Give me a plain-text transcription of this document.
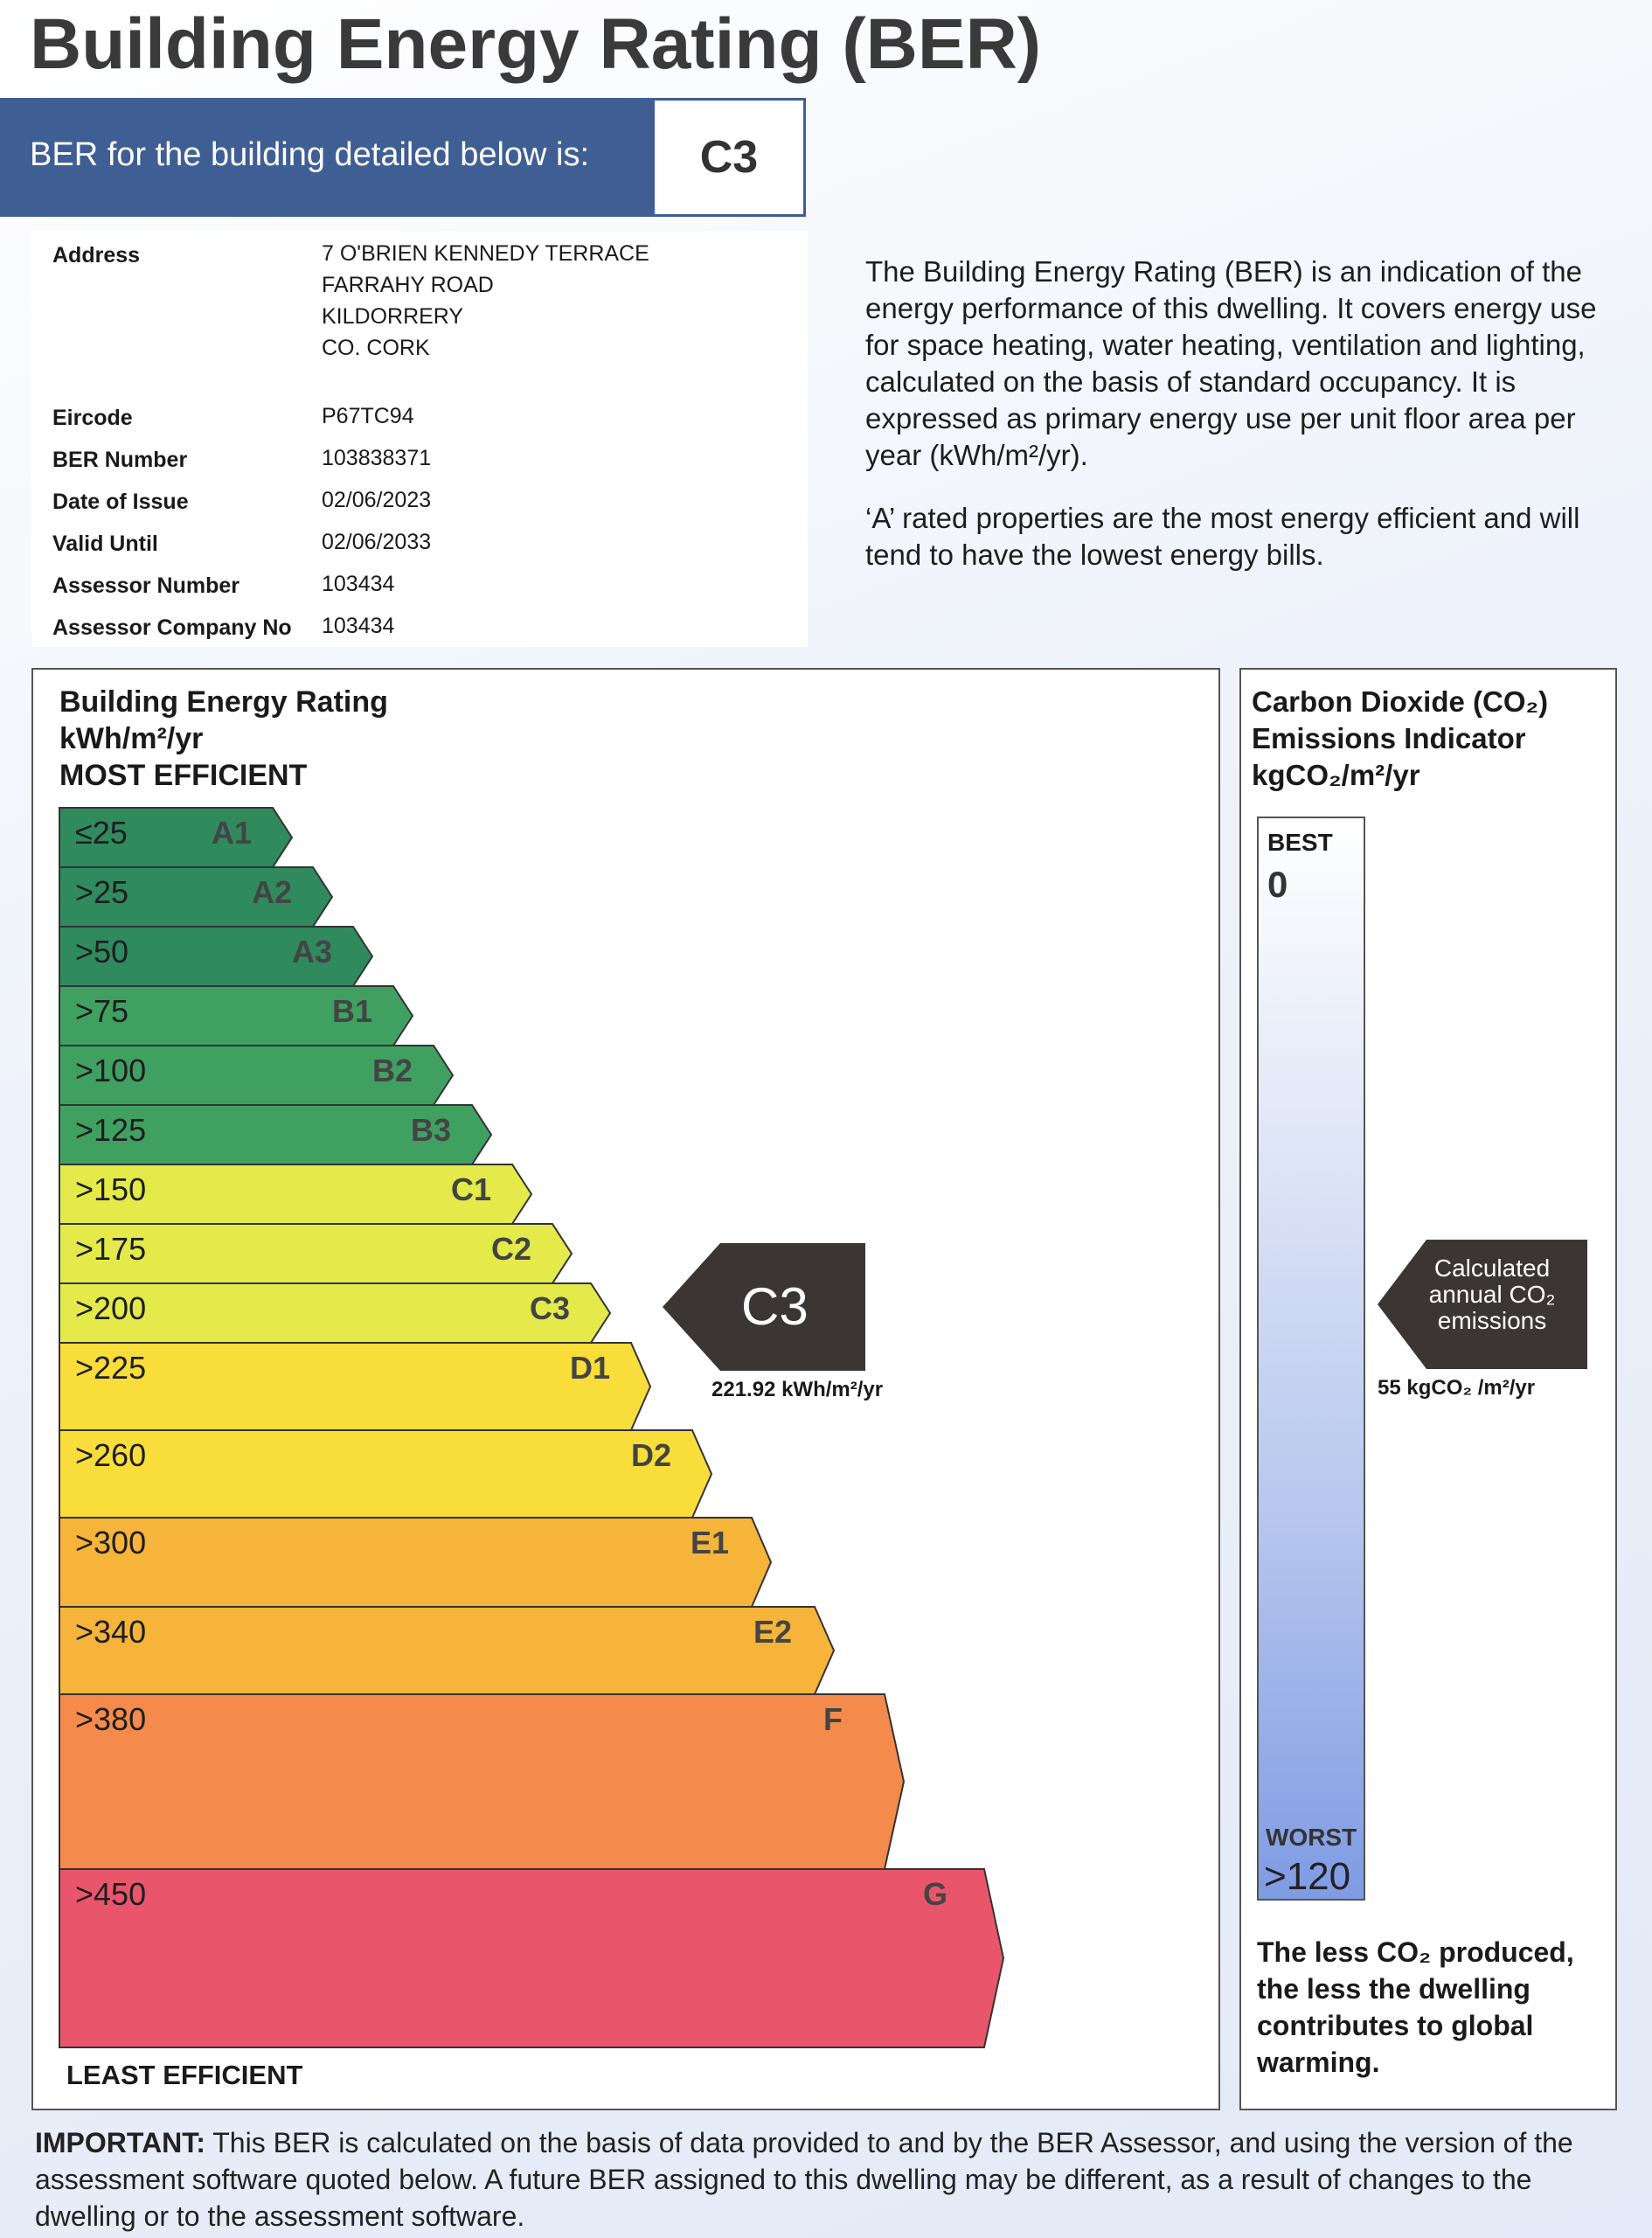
Building Energy Rating (BER)
BER for the building detailed below is:	C3
Address	7 O'BRIEN KENNEDY TERRACE
FARRAHY ROAD
KILDORRERY
CO. CORK
Eircode	P67TC94
BER Number	103838371
Date of Issue	02/06/2023
Valid Until	02/06/2033
Assessor Number	103434
Assessor Company No 103434

The Building Energy Rating (BER) is an indication of the energy performance of this dwelling. It covers energy use for space heating, water heating, ventilation and lighting, calculated on the basis of standard occupancy. It is expressed as primary energy use per unit floor area per year (kWh/m²/yr).

‘A’ rated properties are the most energy efficient and will tend to have the lowest energy bills.

Building Energy Rating
kWh/m²/yr
MOST EFFICIENT
≤25	A1
>25	A2
>50	A3
>75	B1
>100	B2
>125	B3
>150	C1
>175	C2
>200	C3
>225	D1
>260	D2
>300	E1
>340	E2
>380	F
>450	G
C3
221.92 kWh/m²/yr
LEAST EFFICIENT
Carbon Dioxide (CO₂)
Emissions Indicator
kgCO₂/m²/yr
BEST
0
WORST
>120
Calculated
annual CO₂
emissions
55 kgCO₂ /m²/yr
The less CO₂ produced, the less the dwelling contributes to global warming.
IMPORTANT: This BER is calculated on the basis of data provided to and by the BER Assessor, and using the version of the assessment software quoted below. A future BER assigned to this dwelling may be different, as a result of changes to the dwelling or to the assessment software.
